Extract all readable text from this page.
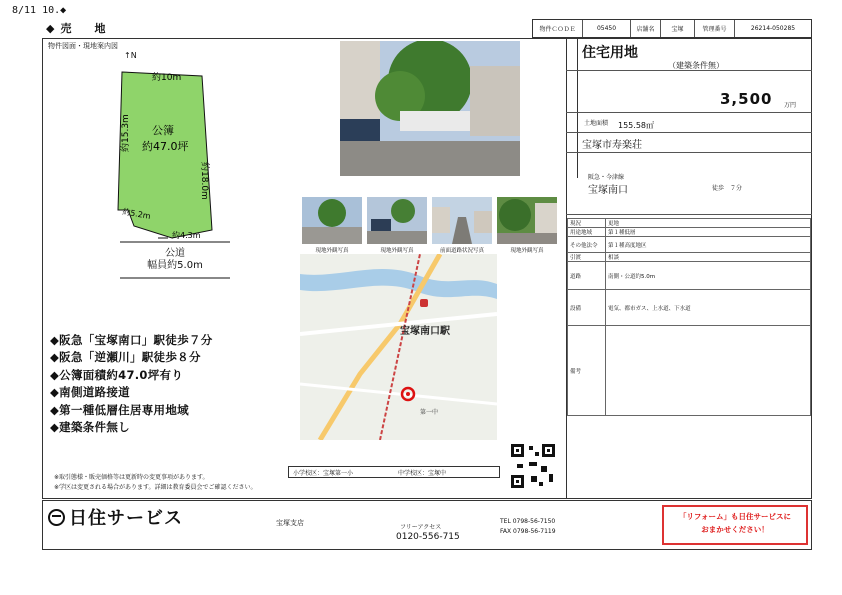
8/11 10.◆
◆売　地	物件ＣＯＤＥ	05450	店舗名	宝塚	管理番号	26214-050285
物件図面・現地案内図
↑N
約10m
約15.3m
約18.0m
約5.2m
約4.3m
公簿
約47.0坪
公道
幅員約5.0m
◆阪急「宝塚南口」駅徒歩７分
◆阪急「逆瀬川」駅徒歩８分
◆公簿面積約47.0坪有り
◆南側道路接道
◆第一種低層住居専用地域
◆建築条件無し
現地外観写真	現地外観写真	前面道路状況写真	現地外観写真
宝塚南口駅
第一中
小学校区：宝塚第一小	中学校区：宝塚中
※取引態様・販売価格等は更新時の変更事項があります。
※学区は変更される場合があります。詳細は教育委員会でご確認ください。
住宅用地
（建築条件無）
3,500 万円
土地面積 155.58㎡
宝塚市寿楽荘
阪急・今津線
宝塚南口	徒歩　７分
現況	更地
用途地域	第１種低層
その他法令	第１種高度地区
引渡	相談
道路	南側・公道約5.0m
設備	電気、都市ガス、上水道、下水道
備考	
日住サービス	宝塚支店
フリーアクセス
0120-556-715
TEL 0798-56-7150
FAX 0798-56-7119
「リフォーム」も日住サービスに
おまかせください！
